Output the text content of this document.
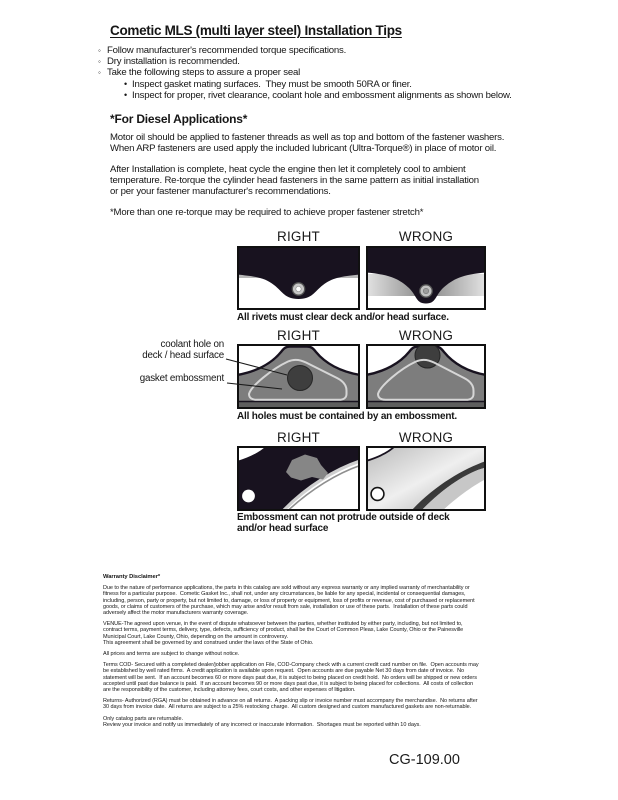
Cometic MLS (multi layer steel) Installation Tips
◦ Follow manufacturer's recommended torque specifications.
◦ Dry installation is recommended.
◦ Take the following steps to assure a proper seal
• Inspect gasket mating surfaces.  They must be smooth 50RA or finer.
• Inspect for proper, rivet clearance, coolant hole and embossment alignments as shown below.
*For Diesel Applications*
Motor oil should be applied to fastener threads as well as top and bottom of the fastener washers.
When ARP fasteners are used apply the included lubricant (Ultra-Torque®) in place of motor oil.
After Installation is complete, heat cycle the engine then let it completely cool to ambient
temperature. Re-torque the cylinder head fasteners in the same pattern as initial installation
or per your fastener manufacturer's recommendations.
*More than one re-torque may be required to achieve proper fastener stretch*
RIGHT	WRONG
All rivets must clear deck and/or head surface.
RIGHT	WRONG
coolant hole on
deck / head surface
gasket embossment
All holes must be contained by an embossment.
RIGHT	WRONG
Embossment can not protrude outside of deck
and/or head surface
Warranty Disclaimer*
Due to the nature of performance applications, the parts in this catalog are sold without any express warranty or any implied warranty of merchantability or
fitness for a particular purpose.  Cometic Gasket Inc., shall not, under any circumstances, be liable for any special, incidental or consequential damages,
including, person, party or property, but not limited to, damage, or loss of property or equipment, loss of profits or revenue, cost of purchased or replacement
goods, or claims of customers of the purchase, which may arise and/or result from sale, installation or use of these parts.  Installation of these parts could
adversely affect the motor manufacturers warranty coverage.
VENUE-The agreed upon venue, in the event of dispute whatsoever between the parties, whether instituted by either party, including, but not limited to,
contract terms, payment terms, delivery, type, defects, sufficiency of product, shall be the Court of Common Pleas, Lake County, Ohio or the Painesville
Municipal Court, Lake County, Ohio, depending on the amount in controversy.
This agreement shall be governed by and construed under the laws of the State of Ohio.
All prices and terms are subject to change without notice.
Terms COD- Secured with a completed dealer/jobber application on File, COD-Company check with a current credit card number on file.  Open accounts may
be established by well rated firms.  A credit application is available upon request.  Open accounts are due payable Net 30 days from date of invoice.  No
statement will be sent.  If an account becomes 60 or more days past due, it is subject to being placed on credit hold.  No orders will be shipped or new orders
accepted until past due balance is paid.  If an account becomes 90 or more days past due, it is subject to being placed for collections.  All costs of collection
are the responsibility of the customer, including attorney fees, court costs, and other expenses of litigation.
Returns- Authorized (RGA) must be obtained in advance on all returns.  A packing slip or invoice number must accompany the merchandise.  No returns after
30 days from invoice date.  All returns are subject to a 25% restocking charge.  All custom designed and custom manufactured gaskets are non-returnable.
Only catalog parts are returnable.
Review your invoice and notify us immediately of any incorrect or inaccurate information.  Shortages must be reported within 10 days.
CG-109.00
